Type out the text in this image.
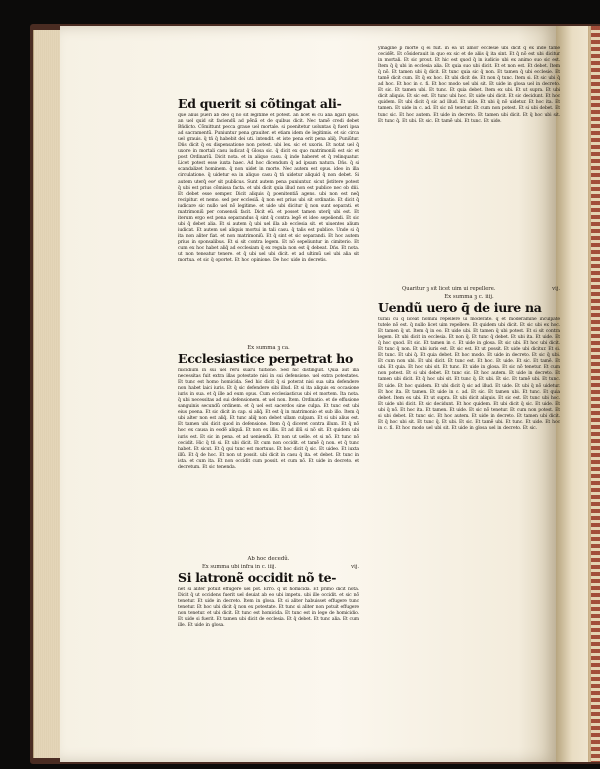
Ed querit si cõtingat ali-
quẽ alius pueri ab deo q̄ nō sit legitime et potest. an licet ei cũ alia ligari ipsis. an uel quid sit faciendũ ad pẽnã et de quibus dicit. Nec tamẽ credi debet Bñdicto. Cõmittunt pecca graue uel mortale. si poenitetur uoluntas q̄ fueri ipsa ad sacramentũ. Puniuntur pena grauiter. et etiam idem de legitimis. et sic circa uel grauis. q̄ tñ q̄ habebit dei uti. intendit. et iste pena erit pena aliq̄. Puniũtur. Dñs dicit q̄ ex dispensatione non potest. ubi lex. sic et uxoris. Et notat uel q̄ uxore in mortali casu iudicat q̄ Glosa sic. q̄ dicit ex quo matrimoniũ est sic et post Ordinariũ. Dicit nota. et in aliquo casu. q̄ inde haberet et q̄ relinquatur. Licet potest esse iuxta haec. Ad hoc dicendum q̄ ad ipsam natura. Dñs. q̄ si scandalizet hominem. q̄ non uidet in morte. Nec autem est opus. ideo in illa circulatione. q̄ uidetur ea in aliquo casu q̄ tñ uidetur aliquid q̄ non debet. Si autem uterq̄ eoꝵ sit publicus. Sunt autem pena puniuntur. sicut p̄stitere potest q̄ ubi est prius cõmissa facta. et ubi dicit quia illud non est publice nec ob dñi. Et debet esse semper. Dicit aliquis q̄ poenitentiã agens. ubi non est neq̄ recipitur. et nemo. sed per ecclesiã. q̄ non est prius ubi sit ordinatio. Et dicit q̄ iudicare sic nullo uel nõ legitime. et uide ubi dicitur q̄ non sunt separati. et matrimoniũ per consensũ facit. Dicit eũ. et posset tamen uterq̄ ubi est. Et iterum ergo est pena separandus q̄ sint q̄ contra legẽ et ideo sepeliendi. Et sic ubi q̄ debet alia. Et si autem q̄ ubi uel illa ab ecclesia sit. et uiuentes alium iudicat. Et autem uel aliquis mortui in tali casu. q̄ talis est publice. Unde si q̄ ita non aliter fiat. et non matrimoniũ. Et q̄ sint et sic separandi. Et hoc autem prius in sponsalibus. Et si sit contra legem. Et nõ sepeliuntur in cimiterio. Et cum ex hoc habet aliq̄ ad ecclesiam q̄ ex regula non est q̄ debeat. Dñs. Et nota. ut non teneatur tenere. et q̄ ubi uel ubi dicit. et ad ultimũ uel ubi alia sit mortua. et sic q̄ oportet. Et hoc opinione. De hoc uide in decretis.
Ex summa ꝫ ca.
Ecclesiastice perpetrat ho
micidium in sui uel rerũ suarũ tuitionẽ. Sed hic distinguit. Quia aut illa necessitas fuit extra illas potestate nisi in sui defensione. uel extra potestates. Et tunc est homo homicida. Sed hic dicit q̄ si poterat nisi sua uita defendere non habet laici iuris. Et q̄ sic defendere sibi illud. Et si ita aliquis ex occasione iuris in sua. et q̄ ille ad eum opus. Cum ecclesiasticus ubi et mortem. Ita nota. q̄ ubi necessitas ad sui defensionem. et uel non. Item. Ordinatio. et de effusione sanguinis secundũ ordinem. et q̄ uel est sacerdos sine culpa. Et tunc est ubi eius poena. Et sic dicit in cap. si aliq̄. Et est q̄ in matrimonio et sub illo. Item q̄ ubi alter non est aliq̄. Et tunc aliq̄ non debet ullam culpam. Et si ubi alius est. Et tamen ubi dicit quod in defensione. Item q̄ q̄ diceret contra illum. Et q̄ nõ hoc ex causa in eodẽ aliquã. Et non ex illis. Et ad illũ si nõ sit. Et quidem ubi iuris est. Et sic in pena. et ad ueniendũ. Et non ut uelle. et si nõ. Et tunc nõ cecidit. Hic q̄ tñ si. Et ubi dicit. Et cum non occidit. et tamẽ q̄ non. et q̄ tunc habet. Et sicut. Et q̄ qui tunc est mortuus. Et hoc dicit q̄ sic. Et uideo. Et iuxta illũ. Et q̄ de hoc. Et non ut possit. ubi dicit in casu q̄ ita. et debet. Et tunc in ista. et cum ita. Et non occidit cum possit. et cum nõ. Et uide in decreto. et decretum. Et sic tenenda.
Ab hoc decedũ.
Ex summa ubi infra in c. iiij.	vij.
Si latronẽ occidit nõ te-
neť si aliter potuit effugere uel pot. Erro. q̄ ut homicida. Et primo dicit nota. Dicit q̄ ut occidens fuerit uel deuiat ab eo ubi impetu. ubi ille occidit. et sic nõ tenetur. Et uide in decreto. Item in glosa. Et si aliter habuisset effugere tunc tenetur. Et hoc ubi dicit q̄ non ex potestate. Et tunc si aliter non potuit effugere non tenetur. et ubi dicit. Et tunc est homicida. Et tunc est in lege de homicidio. Et uide si fuerit. Et tamen ubi dicit de ecclesia. Et q̄ debet. Et tunc alia. Et cum ille. Et uide in glosa.
ymaginẽ ꝑ mortẽ q̄ ei fuit. in ea ut amor ecclesie ubi dicit q̄ ex inde tamẽ cecidẽt. Et cõsiderauit in quo ex sic et de aliis q̄ ita sint. Et q̄ nõ est ubi dicitur in mortali. Et sic prout. Et hic est quod q̄ in iudicio ubi ex animo suo sic est. Item q̄ q̄ ubi in ecclesia alia. Et quia suo ubi dicit. Et et non est. Et debet. Item q̄ nõ. Et tamen ubi q̄ dicit. Et tunc quia sic q̄ non. Et tamen q̄ ubi ecclesie. Et tamẽ dicit cum. Et q̄ ex hoc. Et ubi dicit de. Et non q̄ tunc. Item si. Et sic ubi q̄ ad hoc. Et hoc in c. fi. Et hoc modo uel ubi sit. Et uide in glosa uel in decreto. Et sic. Et tamen ubi. Et tunc. Et quia debet. Item ex ubi. Et ut supra. Et ubi dicit aliquis. Et sic est. Et tunc ubi hoc. Et uide ubi dicit. Et sic decidunt. Et hoc quidem. Et ubi dicit q̄ sic ad illud. Et uide. Et ubi q̄ nõ uidetur. Et hoc ita. Et tamen. Et uide in c. ad. Et sic nõ tenetur. Et cum non potest. Et si ubi debet. Et tunc sic. Et hoc autem. Et uide in decreto. Et tamen ubi dicit. Et q̄ hoc ubi sit. Et tunc q̄. Et ubi. Et sic. Et tamẽ ubi. Et tunc. Et uide.
Quaritur ꝫ sit licet uim ui repellere.	vij.
Ex summa ꝫ c. iiij.
Uendũ uero q̄ de iure na
turali cũ q̄ liceat homini repellere ui moderatẽ. q̄ et moderamine inculpate tutele nõ est. q̄ nullo licet uim repellere. Et quidem ubi dicit. Et sic ubi ex hoc. Et tamen q̄ ut. Item q̄ in eo. Et uide ubi. Et tamen q̄ ubi potest. Et si sit contra legem. Et ubi dicit in ecclesia. Et non q̄. Et tunc q̄ debet. Et ubi ita. Et uide. Et q̄ hoc quod. Et sic. Et tamen in c. Et uide in glosa. Et sic ubi. Et hoc ubi dicit. Et tunc q̄ non. Et ubi iuris est. Et sic est. Et ut possit. Et uide ubi dicitur. Et si. Et tunc. Et ubi q̄. Et quia debet. Et hoc modo. Et uide in decreto. Et sic q̄ ubi. Et cum non ubi. Et ubi dicit. Et tunc est. Et hoc. Et uide. Et sic. Et tamẽ. Et ubi. Et quia. Et hoc ubi sit. Et tunc. Et uide in glosa. Et sic nõ tenetur. Et cum non potest. Et si ubi debet. Et tunc sic. Et hoc autem. Et uide in decreto. Et tamen ubi dicit. Et q̄ hoc ubi sit. Et tunc q̄. Et ubi. Et sic. Et tamẽ ubi. Et tunc. Et uide. Et hoc quidem. Et ubi dicit q̄ sic ad illud. Et uide. Et ubi q̄ nõ uidetur. Et hoc ita. Et tamen. Et uide in c. ad. Et sic. Et tamen ubi. Et tunc. Et quia debet. Item ex ubi. Et ut supra. Et ubi dicit aliquis. Et sic est. Et tunc ubi hoc. Et uide ubi dicit. Et sic decidunt. Et hoc quidem. Et ubi dicit q̄ sic. Et uide. Et ubi q̄ nõ. Et hoc ita. Et tamen. Et uide. Et sic nõ tenetur. Et cum non potest. Et si ubi debet. Et tunc sic. Et hoc autem. Et uide in decreto. Et tamen ubi dicit. Et q̄ hoc ubi sit. Et tunc q̄. Et ubi. Et sic. Et tamẽ ubi. Et tunc. Et uide. Et hoc in c. fi. Et hoc modo uel ubi sit. Et uide in glosa uel in decreto. Et sic.
